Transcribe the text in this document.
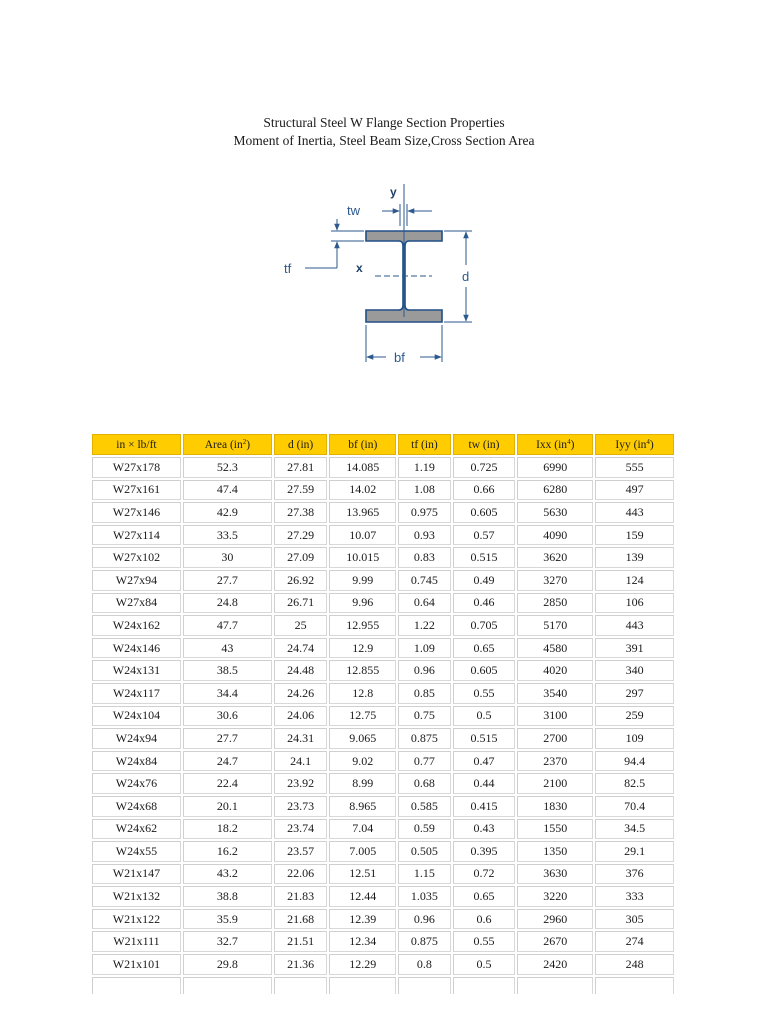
Structural Steel W Flange Section Properties
Moment of Inertia, Steel Beam Size,Cross Section Area
y
x
tw
tf
d
bf
in × lb/ft	Area $(in^2)$	d (in)	bf (in)	tf (in)	tw (in)	Ixx $(in^4)$	Iyy $(in^4)$
W27x178	52.3	27.81	14.085	1.19	0.725	6990	555
W27x161	47.4	27.59	14.02	1.08	0.66	6280	497
W27x146	42.9	27.38	13.965	0.975	0.605	5630	443
W27x114	33.5	27.29	10.07	0.93	0.57	4090	159
W27x102	30	27.09	10.015	0.83	0.515	3620	139
W27x94	27.7	26.92	9.99	0.745	0.49	3270	124
W27x84	24.8	26.71	9.96	0.64	0.46	2850	106
W24x162	47.7	25	12.955	1.22	0.705	5170	443
W24x146	43	24.74	12.9	1.09	0.65	4580	391
W24x131	38.5	24.48	12.855	0.96	0.605	4020	340
W24x117	34.4	24.26	12.8	0.85	0.55	3540	297
W24x104	30.6	24.06	12.75	0.75	0.5	3100	259
W24x94	27.7	24.31	9.065	0.875	0.515	2700	109
W24x84	24.7	24.1	9.02	0.77	0.47	2370	94.4
W24x76	22.4	23.92	8.99	0.68	0.44	2100	82.5
W24x68	20.1	23.73	8.965	0.585	0.415	1830	70.4
W24x62	18.2	23.74	7.04	0.59	0.43	1550	34.5
W24x55	16.2	23.57	7.005	0.505	0.395	1350	29.1
W21x147	43.2	22.06	12.51	1.15	0.72	3630	376
W21x132	38.8	21.83	12.44	1.035	0.65	3220	333
W21x122	35.9	21.68	12.39	0.96	0.6	2960	305
W21x111	32.7	21.51	12.34	0.875	0.55	2670	274
W21x101	29.8	21.36	12.29	0.8	0.5	2420	248
